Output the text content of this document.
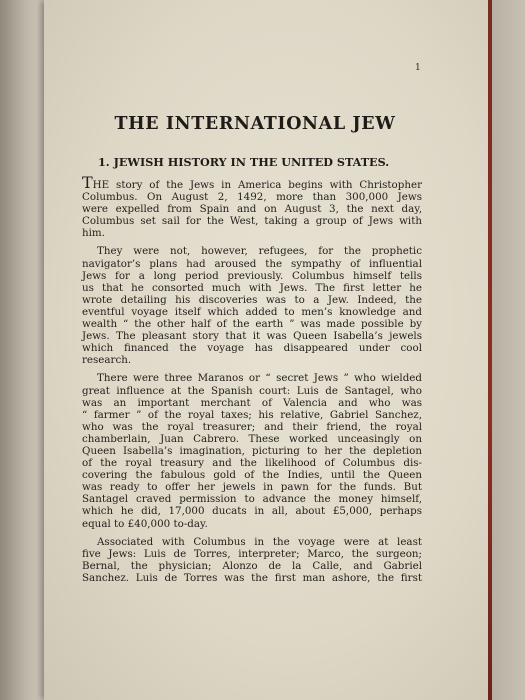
1
THE INTERNATIONAL JEW
1. JEWISH HISTORY IN THE UNITED STATES.
THE story of the Jews in America begins with Christopher
Columbus. On August 2, 1492, more than 300,000 Jews
were expelled from Spain and on August 3, the next day,
Columbus set sail for the West, taking a group of Jews with
him.
They were not, however, refugees, for the prophetic
navigator’s plans had aroused the sympathy of influential
Jews for a long period previously. Columbus himself tells
us that he consorted much with Jews. The first letter he
wrote detailing his discoveries was to a Jew. Indeed, the
eventful voyage itself which added to men’s knowledge and
wealth “ the other half of the earth ” was made possible by
Jews. The pleasant story that it was Queen Isabella’s jewels
which financed the voyage has disappeared under cool
research.
There were three Maranos or “ secret Jews ” who wielded
great influence at the Spanish court: Luis de Santagel, who
was an important merchant of Valencia and who was
“ farmer ” of the royal taxes; his relative, Gabriel Sanchez,
who was the royal treasurer; and their friend, the royal
chamberlain, Juan Cabrero. These worked unceasingly on
Queen Isabella’s imagination, picturing to her the depletion
of the royal treasury and the likelihood of Columbus dis-
covering the fabulous gold of the Indies, until the Queen
was ready to offer her jewels in pawn for the funds. But
Santagel craved permission to advance the money himself,
which he did, 17,000 ducats in all, about £5,000, perhaps
equal to £40,000 to-day.
Associated with Columbus in the voyage were at least
five Jews: Luis de Torres, interpreter; Marco, the surgeon;
Bernal, the physician; Alonzo de la Calle, and Gabriel
Sanchez. Luis de Torres was the first man ashore, the first
